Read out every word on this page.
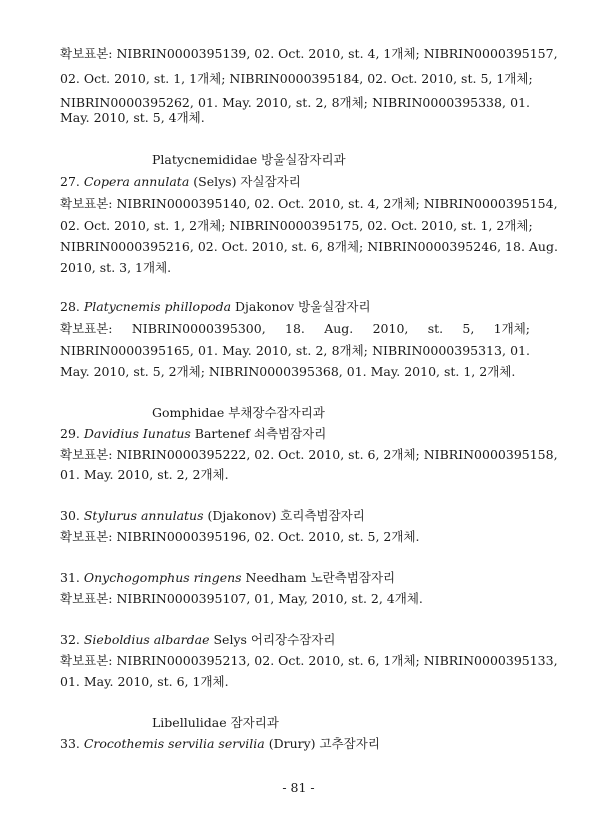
확보표본: NIBRIN0000395139, 02. Oct. 2010, st. 4, 1개체; NIBRIN0000395157,
02. Oct. 2010, st. 1, 1개체; NIBRIN0000395184, 02. Oct. 2010, st. 5, 1개체;
NIBRIN0000395262, 01. May. 2010, st. 2, 8개체; NIBRIN0000395338, 01.
May. 2010, st. 5, 4개체.
Platycnemididae 방울실잠자리과
27. Copera annulata (Selys) 자실잠자리
확보표본: NIBRIN0000395140, 02. Oct. 2010, st. 4, 2개체; NIBRIN0000395154,
02. Oct. 2010, st. 1, 2개체; NIBRIN0000395175, 02. Oct. 2010, st. 1, 2개체;
NIBRIN0000395216, 02. Oct. 2010, st. 6, 8개체; NIBRIN0000395246, 18. Aug.
2010, st. 3, 1개체.
28. Platycnemis phillopoda Djakonov 방울실잠자리
확보표본: NIBRIN0000395300, 18. Aug. 2010, st. 5, 1개체;
NIBRIN0000395165, 01. May. 2010, st. 2, 8개체; NIBRIN0000395313, 01.
May. 2010, st. 5, 2개체; NIBRIN0000395368, 01. May. 2010, st. 1, 2개체.
Gomphidae 부채장수잠자리과
29. Davidius Iunatus Bartenef 쇠측범잠자리
확보표본: NIBRIN0000395222, 02. Oct. 2010, st. 6, 2개체; NIBRIN0000395158,
01. May. 2010, st. 2, 2개체.
30. Stylurus annulatus (Djakonov) 호리측범잠자리
확보표본: NIBRIN0000395196, 02. Oct. 2010, st. 5, 2개체.
31. Onychogomphus ringens Needham 노란측범잠자리
확보표본: NIBRIN0000395107, 01, May, 2010, st. 2, 4개체.
32. Sieboldius albardae Selys 어리장수잠자리
확보표본: NIBRIN0000395213, 02. Oct. 2010, st. 6, 1개체; NIBRIN0000395133,
01. May. 2010, st. 6, 1개체.
Libellulidae 잠자리과
33. Crocothemis servilia servilia (Drury) 고추잠자리
- 81 -
